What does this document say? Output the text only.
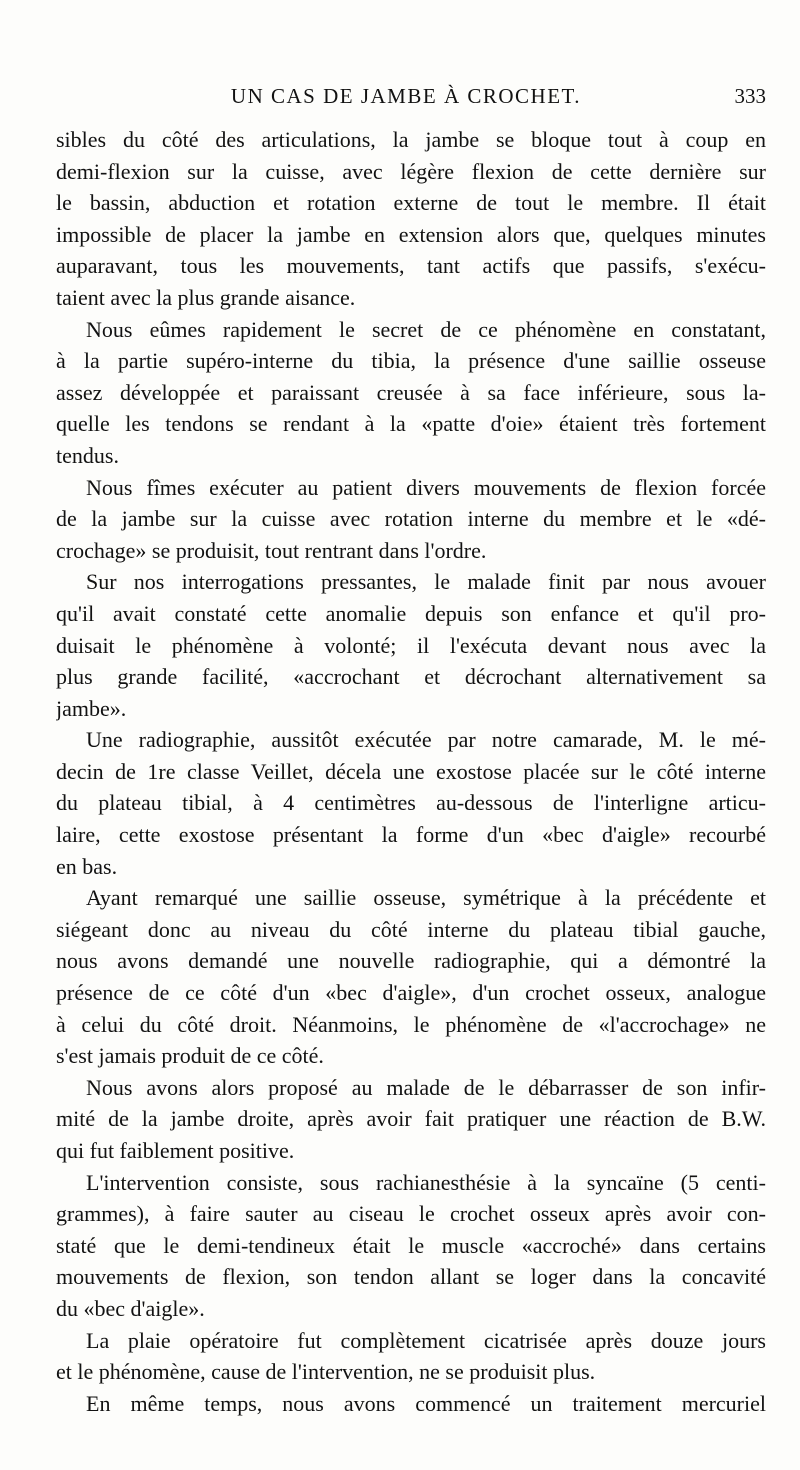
UN CAS DE JAMBE À CROCHET.	333
sibles du côté des articulations, la jambe se bloque tout à coup en
demi-flexion sur la cuisse, avec légère flexion de cette dernière sur
le bassin, abduction et rotation externe de tout le membre. Il était
impossible de placer la jambe en extension alors que, quelques minutes
auparavant, tous les mouvements, tant actifs que passifs, s'exécu-
taient avec la plus grande aisance.
Nous eûmes rapidement le secret de ce phénomène en constatant,
à la partie supéro-interne du tibia, la présence d'une saillie osseuse
assez développée et paraissant creusée à sa face inférieure, sous la-
quelle les tendons se rendant à la «patte d'oie» étaient très fortement
tendus.
Nous fîmes exécuter au patient divers mouvements de flexion forcée
de la jambe sur la cuisse avec rotation interne du membre et le «dé-
crochage» se produisit, tout rentrant dans l'ordre.
Sur nos interrogations pressantes, le malade finit par nous avouer
qu'il avait constaté cette anomalie depuis son enfance et qu'il pro-
duisait le phénomène à volonté; il l'exécuta devant nous avec la
plus grande facilité, «accrochant et décrochant alternativement sa
jambe».
Une radiographie, aussitôt exécutée par notre camarade, M. le mé-
decin de 1re classe Veillet, décela une exostose placée sur le côté interne
du plateau tibial, à 4 centimètres au-dessous de l'interligne articu-
laire, cette exostose présentant la forme d'un «bec d'aigle» recourbé
en bas.
Ayant remarqué une saillie osseuse, symétrique à la précédente et
siégeant donc au niveau du côté interne du plateau tibial gauche,
nous avons demandé une nouvelle radiographie, qui a démontré la
présence de ce côté d'un «bec d'aigle», d'un crochet osseux, analogue
à celui du côté droit. Néanmoins, le phénomène de «l'accrochage» ne
s'est jamais produit de ce côté.
Nous avons alors proposé au malade de le débarrasser de son infir-
mité de la jambe droite, après avoir fait pratiquer une réaction de B.W.
qui fut faiblement positive.
L'intervention consiste, sous rachianesthésie à la syncaïne (5 centi-
grammes), à faire sauter au ciseau le crochet osseux après avoir con-
staté que le demi-tendineux était le muscle «accroché» dans certains
mouvements de flexion, son tendon allant se loger dans la concavité
du «bec d'aigle».
La plaie opératoire fut complètement cicatrisée après douze jours
et le phénomène, cause de l'intervention, ne se produisit plus.
En même temps, nous avons commencé un traitement mercuriel
